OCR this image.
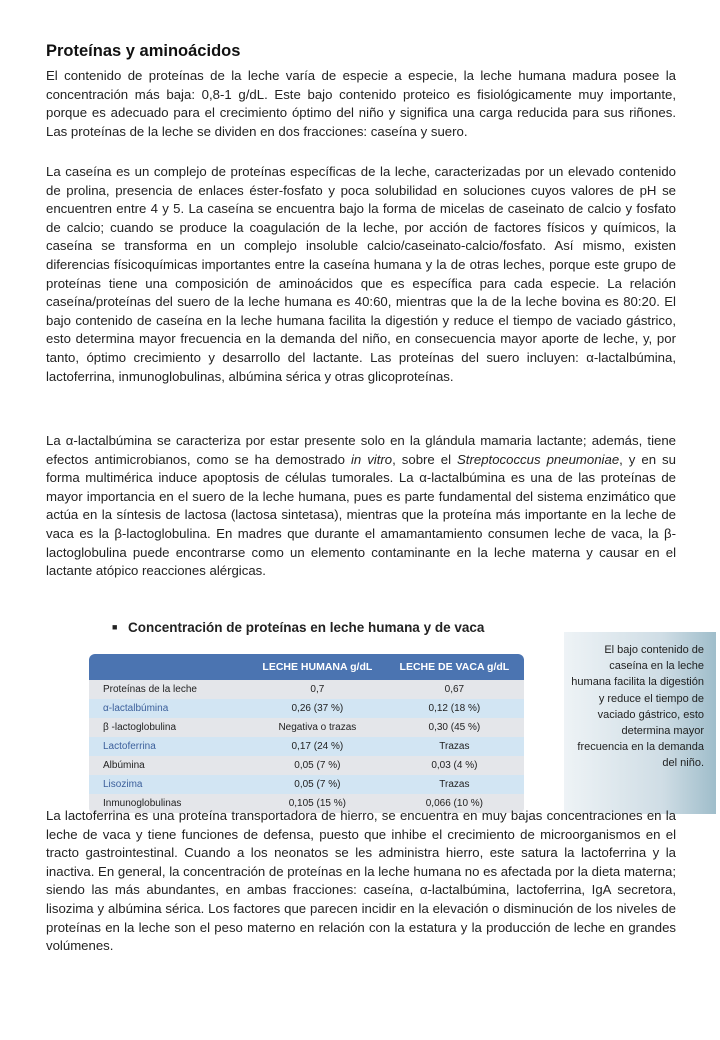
Proteínas y aminoácidos

El contenido de proteínas de la leche varía de especie a especie, la leche humana madura posee la concentración más baja: 0,8-1 g/dL. Este bajo contenido proteico es fisiológicamente muy importante, porque es adecuado para el crecimiento óptimo del niño y significa una carga reducida para sus riñones. Las proteínas de la leche se dividen en dos fracciones: caseína y suero.

La caseína es un complejo de proteínas específicas de la leche, caracterizadas por un elevado contenido de prolina, presencia de enlaces éster-fosfato y poca solubilidad en soluciones cuyos valores de pH se encuentren entre 4 y 5. La caseína se encuentra bajo la forma de micelas de caseinato de calcio y fosfato de calcio; cuando se produce la coagulación de la leche, por acción de factores físicos y químicos, la caseína se transforma en un complejo insoluble calcio/caseinato-calcio/fosfato. Así mismo, existen diferencias físicoquímicas importantes entre la caseína humana y la de otras leches, porque este grupo de proteínas tiene una composición de aminoácidos que es específica para cada especie. La relación caseína/proteínas del suero de la leche humana es 40:60, mientras que la de la leche bovina es 80:20. El bajo contenido de caseína en la leche humana facilita la digestión y reduce el tiempo de vaciado gástrico, esto determina mayor frecuencia en la demanda del niño, en consecuencia mayor aporte de leche, y, por tanto, óptimo crecimiento y desarrollo del lactante. Las proteínas del suero incluyen: α-lactalbúmina, lactoferrina, inmunoglobulinas, albúmina sérica y otras glicoproteínas.

La α-lactalbúmina se caracteriza por estar presente solo en la glándula mamaria lactante; además, tiene efectos antimicrobianos, como se ha demostrado in vitro, sobre el Streptococcus pneumoniae, y en su forma multimérica induce apoptosis de células tumorales. La α-lactalbúmina es una de las proteínas de mayor importancia en el suero de la leche humana, pues es parte fundamental del sistema enzimático que actúa en la síntesis de lactosa (lactosa sintetasa), mientras que la proteína más importante en la leche de vaca es la β-lactoglobulina. En madres que durante el amamantamiento consumen leche de vaca, la β-lactoglobulina puede encontrarse como un elemento contaminante en la leche materna y causar en el lactante atópico reacciones alérgicas.

■ Concentración de proteínas en leche humana y de vaca
	LECHE HUMANA g/dL	LECHE DE VACA g/dL
Proteínas de la leche	0,7	0,67
α-lactalbúmina	0,26 (37 %)	0,12 (18 %)
β -lactoglobulina	Negativa o trazas	0,30 (45 %)
Lactoferrina	0,17 (24 %)	Trazas
Albúmina	0,05 (7 %)	0,03 (4 %)
Lisozima	0,05 (7 %)	Trazas
Inmunoglobulinas	0,105 (15 %)	0,066 (10 %)

El bajo contenido de caseína en la leche humana facilita la digestión y reduce el tiempo de vaciado gástrico, esto determina mayor frecuencia en la demanda del niño.

La lactoferrina es una proteína transportadora de hierro, se encuentra en muy bajas concentraciones en la leche de vaca y tiene funciones de defensa, puesto que inhibe el crecimiento de microorganismos en el tracto gastrointestinal. Cuando a los neonatos se les administra hierro, este satura la lactoferrina y la inactiva. En general, la concentración de proteínas en la leche humana no es afectada por la dieta materna; siendo las más abundantes, en ambas fracciones: caseína, α-lactalbúmina, lactoferrina, IgA secretora, lisozima y albúmina sérica. Los factores que parecen incidir en la elevación o disminución de los niveles de proteínas en la leche son el peso materno en relación con la estatura y la producción de leche en grandes volúmenes.
